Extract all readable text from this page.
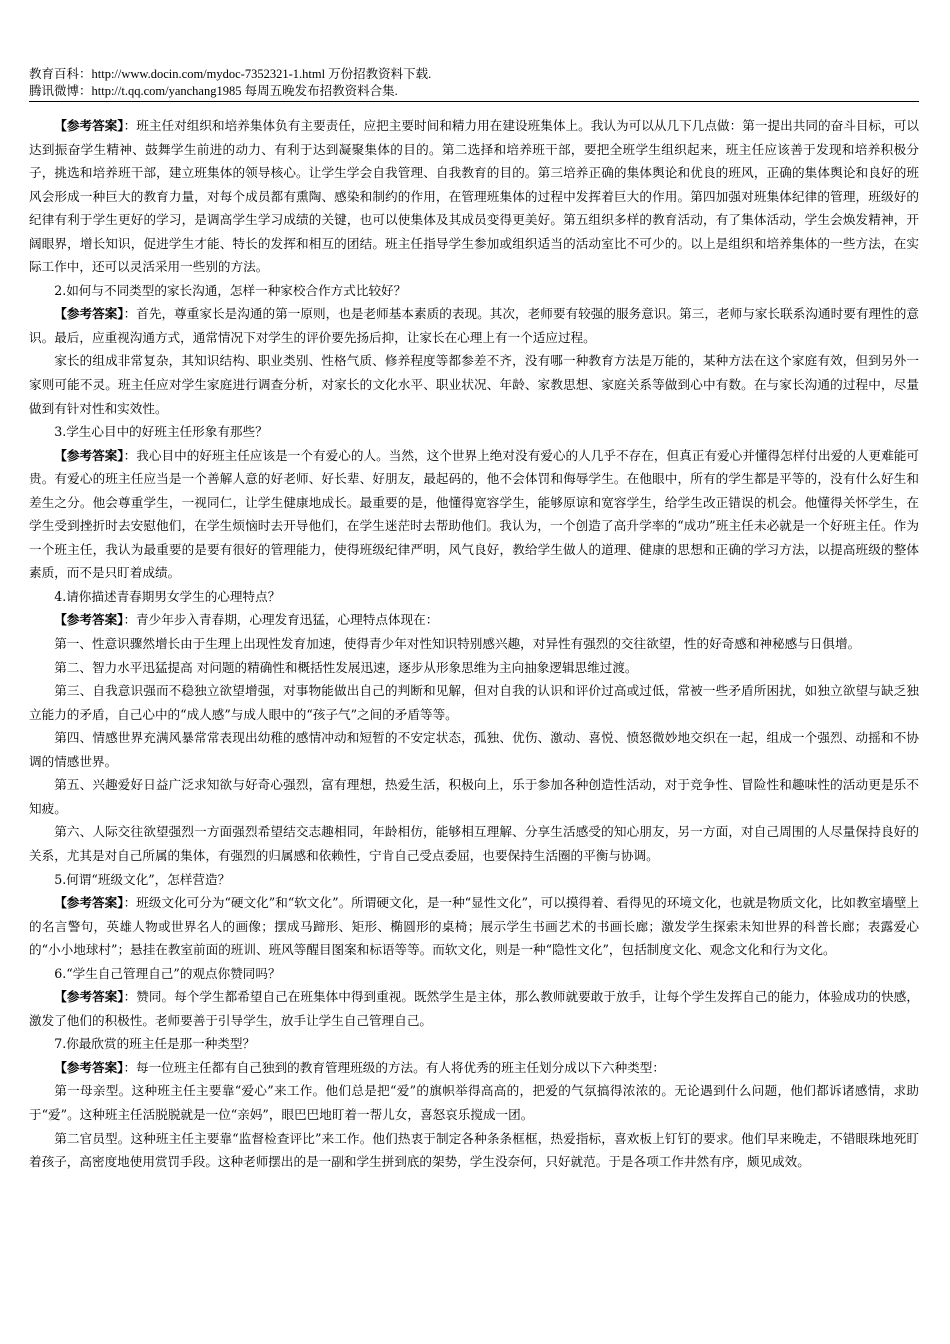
教育百科：http://www.docin.com/mydoc-7352321-1.html 万份招教资料下载.
腾讯微博：http://t.qq.com/yanchang1985 每周五晚发布招教资料合集.

【参考答案】：班主任对组织和培养集体负有主要责任，应把主要时间和精力用在建设班集体上。我认为可以从几下几点做：第一提出共同的奋斗目标，可以达到振奋学生精神、鼓舞学生前进的动力、有利于达到凝聚集体的目的。第二选择和培养班干部，要把全班学生组织起来，班主任应该善于发现和培养积极分子，挑选和培养班干部，建立班集体的领导核心。让学生学会自我管理、自我教育的目的。第三培养正确的集体舆论和优良的班风，正确的集体舆论和良好的班风会形成一种巨大的教育力量，对每个成员都有熏陶、感染和制约的作用，在管理班集体的过程中发挥着巨大的作用。第四加强对班集体纪律的管理，班级好的纪律有利于学生更好的学习，是调高学生学习成绩的关键，也可以使集体及其成员变得更美好。第五组织多样的教育活动，有了集体活动，学生会焕发精神，开阔眼界，增长知识，促进学生才能、特长的发挥和相互的团结。班主任指导学生参加或组织适当的活动室比不可少的。以上是组织和培养集体的一些方法，在实际工作中，还可以灵活采用一些别的方法。

2.如何与不同类型的家长沟通，怎样一种家校合作方式比较好？

【参考答案】：首先，尊重家长是沟通的第一原则，也是老师基本素质的表现。其次，老师要有较强的服务意识。第三，老师与家长联系沟通时要有理性的意识。最后，应重视沟通方式，通常情况下对学生的评价要先扬后抑，让家长在心理上有一个适应过程。

家长的组成非常复杂，其知识结构、职业类别、性格气质、修养程度等都参差不齐，没有哪一种教育方法是万能的，某种方法在这个家庭有效，但到另外一家则可能不灵。班主任应对学生家庭进行调查分析，对家长的文化水平、职业状况、年龄、家教思想、家庭关系等做到心中有数。在与家长沟通的过程中，尽量做到有针对性和实效性。

3.学生心目中的好班主任形象有那些？

【参考答案】：我心目中的好班主任应该是一个有爱心的人。当然，这个世界上绝对没有爱心的人几乎不存在，但真正有爱心并懂得怎样付出爱的人更难能可贵。有爱心的班主任应当是一个善解人意的好老师、好长辈、好朋友，最起码的，他不会体罚和侮辱学生。在他眼中，所有的学生都是平等的，没有什么好生和差生之分。他会尊重学生，一视同仁，让学生健康地成长。最重要的是，他懂得宽容学生，能够原谅和宽容学生，给学生改正错误的机会。他懂得关怀学生，在学生受到挫折时去安慰他们，在学生烦恼时去开导他们，在学生迷茫时去帮助他们。我认为，一个创造了高升学率的“成功”班主任未必就是一个好班主任。作为一个班主任，我认为最重要的是要有很好的管理能力，使得班级纪律严明，风气良好，教给学生做人的道理、健康的思想和正确的学习方法，以提高班级的整体素质，而不是只盯着成绩。

4.请你描述青春期男女学生的心理特点？

【参考答案】：青少年步入青春期，心理发育迅猛，心理特点体现在：

第一、性意识骤然增长由于生理上出现性发育加速，使得青少年对性知识特别感兴趣，对异性有强烈的交往欲望，性的好奇感和神秘感与日俱增。

第二、智力水平迅猛提高 对问题的精确性和概括性发展迅速，逐步从形象思维为主向抽象逻辑思维过渡。

第三、自我意识强而不稳独立欲望增强，对事物能做出自己的判断和见解，但对自我的认识和评价过高或过低，常被一些矛盾所困扰，如独立欲望与缺乏独立能力的矛盾，自己心中的“成人感”与成人眼中的“孩子气”之间的矛盾等等。

第四、情感世界充满风暴常常表现出幼稚的感情冲动和短暂的不安定状态，孤独、优伤、激动、喜悦、愤怒微妙地交织在一起，组成一个强烈、动摇和不协调的情感世界。

第五、兴趣爱好日益广泛求知欲与好奇心强烈，富有理想，热爱生活，积极向上，乐于参加各种创造性活动，对于竞争性、冒险性和趣味性的活动更是乐不知疲。

第六、人际交往欲望强烈一方面强烈希望结交志趣相同，年龄相仿，能够相互理解、分享生活感受的知心朋友，另一方面，对自己周围的人尽量保持良好的关系，尤其是对自己所属的集体，有强烈的归属感和依赖性，宁肯自己受点委屈，也要保持生活圈的平衡与协调。

5.何谓“班级文化”，怎样营造？

【参考答案】：班级文化可分为“硬文化”和“软文化”。所谓硬文化，是一种“显性文化”，可以摸得着、看得见的环境文化，也就是物质文化，比如教室墙壁上的名言警句，英雄人物或世界名人的画像；摆成马蹄形、矩形、椭圆形的桌椅；展示学生书画艺术的书画长廊；激发学生探索未知世界的科普长廊；表露爱心的“小小地球村”；悬挂在教室前面的班训、班风等醒目图案和标语等等。而软文化，则是一种“隐性文化”，包括制度文化、观念文化和行为文化。

6.“学生自己管理自己”的观点你赞同吗？

【参考答案】：赞同。每个学生都希望自己在班集体中得到重视。既然学生是主体，那么教师就要敢于放手，让每个学生发挥自己的能力，体验成功的快感，激发了他们的积极性。老师要善于引导学生，放手让学生自己管理自己。

7.你最欣赏的班主任是那一种类型？

【参考答案】：每一位班主任都有自己独到的教育管理班级的方法。有人将优秀的班主任划分成以下六种类型：

第一母亲型。这种班主任主要靠“爱心”来工作。他们总是把“爱”的旗帜举得高高的，把爱的气氛搞得浓浓的。无论遇到什么问题，他们都诉诸感情，求助于“爱”。这种班主任活脱脱就是一位“亲妈”，眼巴巴地盯着一帮儿女，喜怒哀乐搅成一团。

第二官员型。这种班主任主要靠“监督检查评比”来工作。他们热衷于制定各种条条框框，热爱指标，喜欢板上钉钉的要求。他们早来晚走，不错眼珠地死盯着孩子，高密度地使用赏罚手段。这种老师摆出的是一副和学生拼到底的架势，学生没奈何，只好就范。于是各项工作井然有序，颇见成效。
